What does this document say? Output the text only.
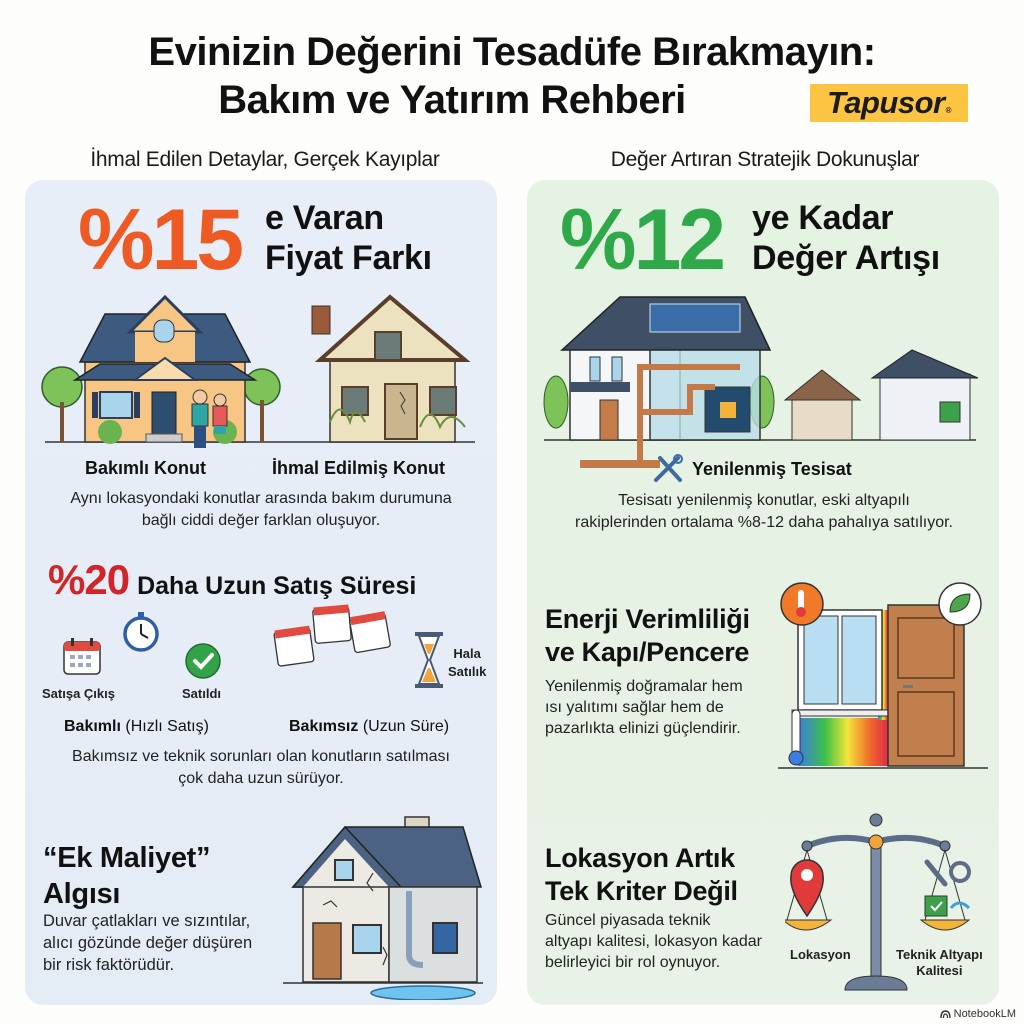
Evinizin Değerini Tesadüfe Bırakmayın:
Bakım ve Yatırım Rehberi	Tapusor ®
İhmal Edilen Detaylar, Gerçek Kayıplar	Değer Artıran Stratejik Dokunuşlar
%15 e Varan
Fiyat Farkı
Bakımlı Konut	İhmal Edilmiş Konut
Aynı lokasyondaki konutlar arasında bakım durumuna
bağlı ciddi değer farklan oluşuyor.
%20 Daha Uzun Satış Süresi
Satışa Çıkış	Satıldı
Hala
Satılık
Bakımlı (Hızlı Satış)	Bakımsız (Uzun Süre)
Bakımsız ve teknik sorunları olan konutların satılması
çok daha uzun sürüyor.
“Ek Maliyet”
Algısı
Duvar çatlakları ve sızıntılar,
alıcı gözünde değer düşüren
bir risk faktörüdür.
%12 ye Kadar
Değer Artışı
Yenilenmiş Tesisat
Tesisatı yenilenmiş konutlar, eski altyapılı
rakiplerinden ortalama %8-12 daha pahalıya satılıyor.
Enerji Verimliliği
ve Kapı/Pencere
Yenilenmiş doğramalar hem
ısı yalıtımı sağlar hem de
pazarlıkta elinizi güçlendirir.
Lokasyon Artık
Tek Kriter Değil
Güncel piyasada teknik
altyapı kalitesi, lokasyon kadar
belirleyici bir rol oynuyor.	Lokasyon	Teknik Altyapı
Kalitesi
NotebookLM
